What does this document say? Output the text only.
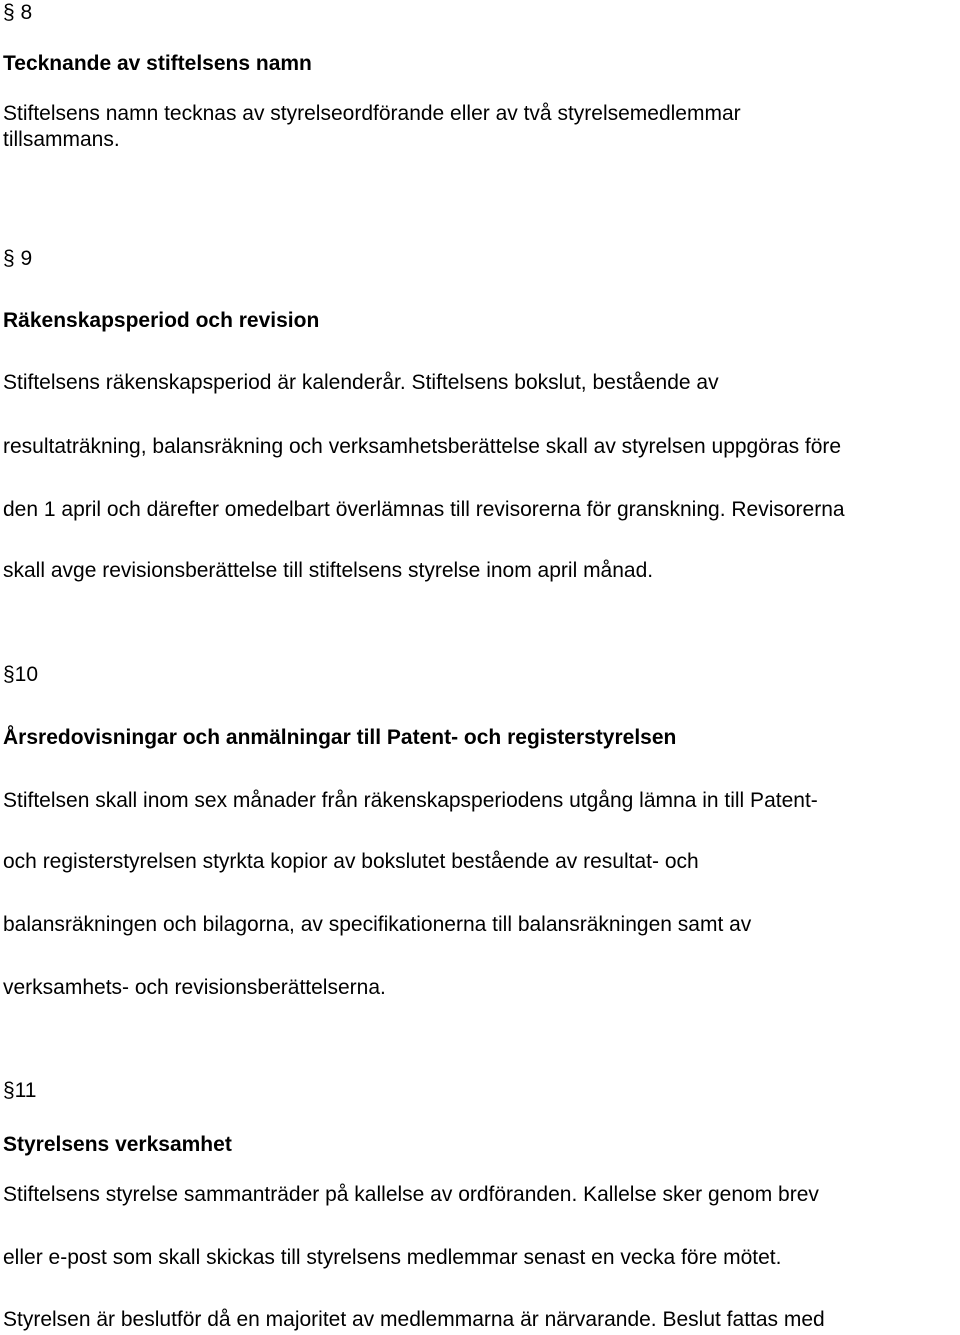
§ 8
Tecknande av stiftelsens namn
Stiftelsens namn tecknas av styrelseordförande eller av två styrelsemedlemmar
tillsammans.
§ 9
Räkenskapsperiod och revision
Stiftelsens räkenskapsperiod är kalenderår. Stiftelsens bokslut, bestående av
resultaträkning, balansräkning och verksamhetsberättelse skall av styrelsen uppgöras före
den 1 april och därefter omedelbart överlämnas till revisorerna för granskning. Revisorerna
skall avge revisionsberättelse till stiftelsens styrelse inom april månad.
§10
Årsredovisningar och anmälningar till Patent- och registerstyrelsen
Stiftelsen skall inom sex månader från räkenskapsperiodens utgång lämna in till Patent-
och registerstyrelsen styrkta kopior av bokslutet bestående av resultat- och
balansräkningen och bilagorna, av specifikationerna till balansräkningen samt av
verksamhets- och revisionsberättelserna.
§11
Styrelsens verksamhet
Stiftelsens styrelse sammanträder på kallelse av ordföranden. Kallelse sker genom brev
eller e-post som skall skickas till styrelsens medlemmar senast en vecka före mötet.
Styrelsen är beslutför då en majoritet av medlemmarna är närvarande. Beslut fattas med
